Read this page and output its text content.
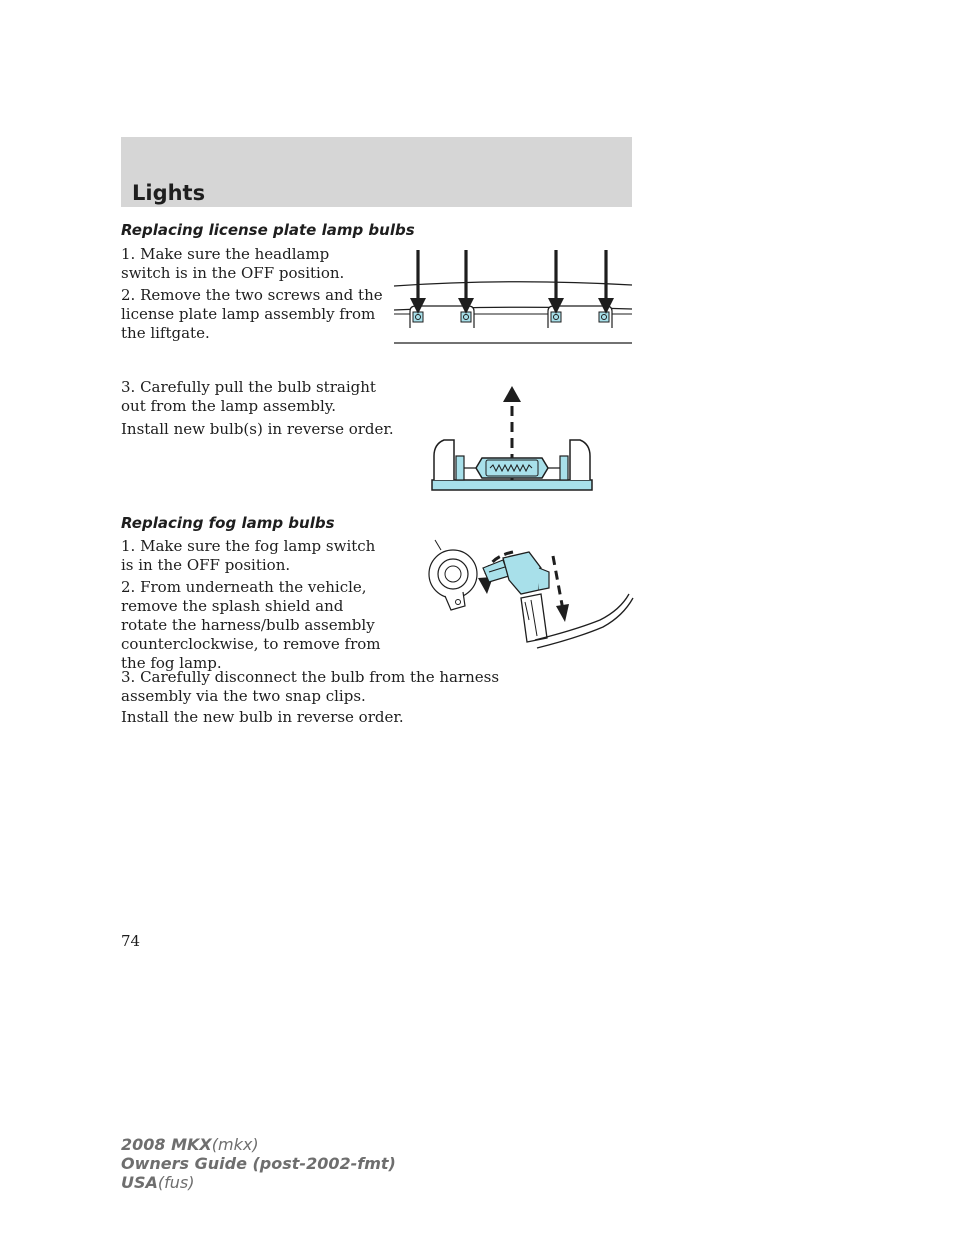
Lights
Replacing license plate lamp bulbs

1. Make sure the headlamp switch is in the OFF position.

2. Remove the two screws and the license plate lamp assembly from the liftgate.

3. Carefully pull the bulb straight out from the lamp assembly.

Install new bulb(s) in reverse order.

Replacing fog lamp bulbs

1. Make sure the fog lamp switch is in the OFF position.

2. From underneath the vehicle, remove the splash shield and rotate the harness/bulb assembly counterclockwise, to remove from the fog lamp.

3. Carefully disconnect the bulb from the harness assembly via the two snap clips.

Install the new bulb in reverse order.

74
2008 MKX(mkx)
Owners Guide (post-2002-fmt)
USA(fus)
